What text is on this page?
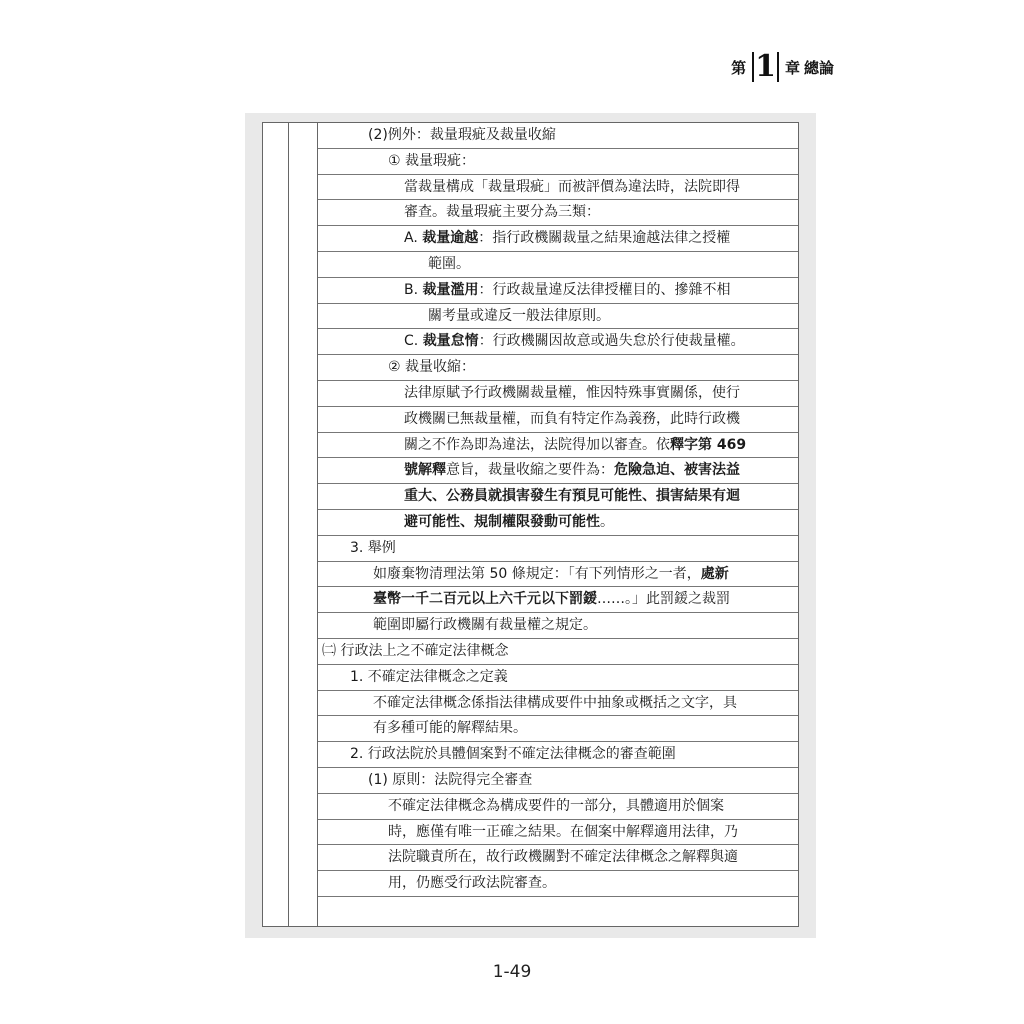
第 1 章 總論
(2)例外：裁量瑕疵及裁量收縮
① 裁量瑕疵：
當裁量構成「裁量瑕疵」而被評價為違法時，法院即得
審查。裁量瑕疵主要分為三類：
A. 裁量逾越：指行政機關裁量之結果逾越法律之授權
範圍。
B. 裁量濫用：行政裁量違反法律授權目的、摻雜不相
關考量或違反一般法律原則。
C. 裁量怠惰：行政機關因故意或過失怠於行使裁量權。
② 裁量收縮：
法律原賦予行政機關裁量權，惟因特殊事實關係，使行
政機關已無裁量權，而負有特定作為義務，此時行政機
關之不作為即為違法，法院得加以審查。依釋字第 469
號解釋意旨，裁量收縮之要件為：危險急迫、被害法益
重大、公務員就損害發生有預見可能性、損害結果有迴
避可能性、規制權限發動可能性。
3. 舉例
如廢棄物清理法第 50 條規定：「有下列情形之一者，處新
臺幣一千二百元以上六千元以下罰鍰……。」此罰鍰之裁罰
範圍即屬行政機關有裁量權之規定。
㈡ 行政法上之不確定法律概念
1. 不確定法律概念之定義
不確定法律概念係指法律構成要件中抽象或概括之文字，具
有多種可能的解釋結果。
2. 行政法院於具體個案對不確定法律概念的審查範圍
(1) 原則：法院得完全審查
不確定法律概念為構成要件的一部分，具體適用於個案
時，應僅有唯一正確之結果。在個案中解釋適用法律，乃
法院職責所在，故行政機關對不確定法律概念之解釋與適
用，仍應受行政法院審查。
1-49
